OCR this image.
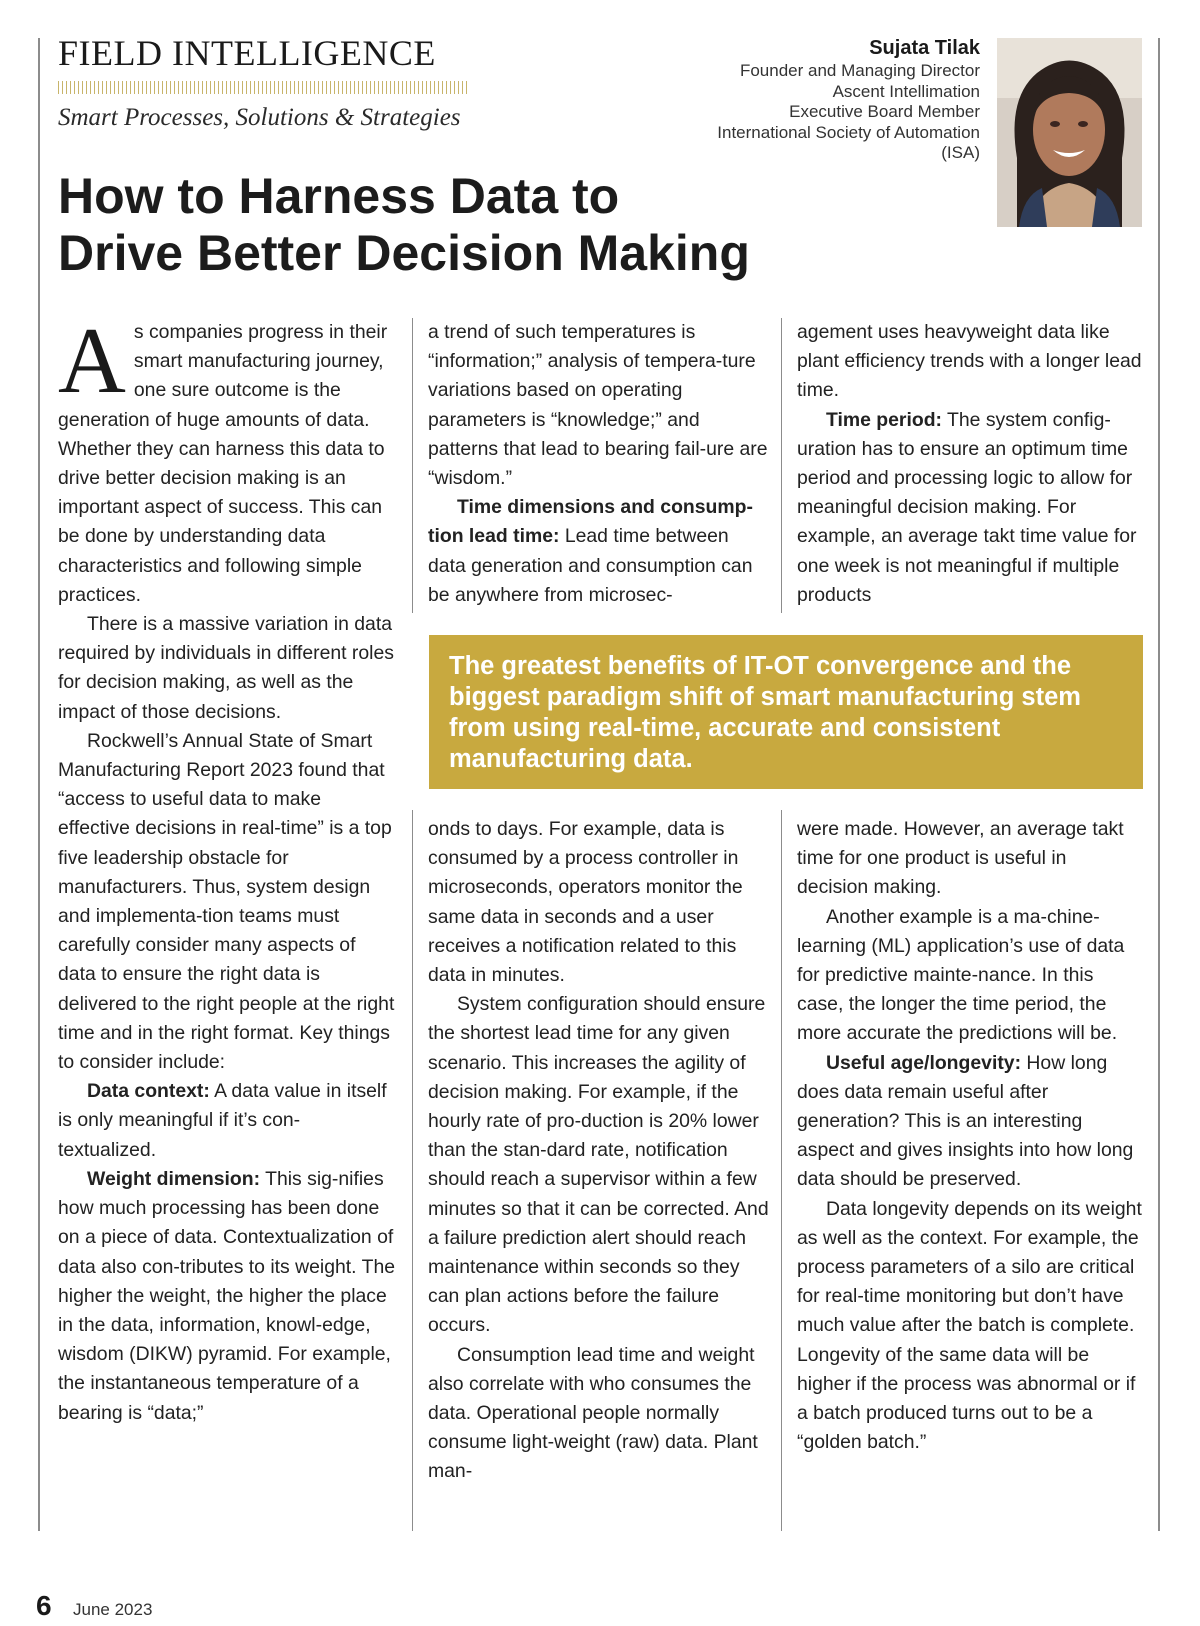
FIELD INTELLIGENCE
Smart Processes, Solutions & Strategies
Sujata Tilak
Founder and Managing Director
Ascent Intellimation
Executive Board Member
International Society of Automation
(ISA)
How to Harness Data to
Drive Better Decision Making

As companies progress in their smart manufacturing journey, one sure outcome is the generation of huge amounts of data. Whether they can harness this data to drive better decision making is an important aspect of success. This can be done by understanding data characteristics and following simple practices.

There is a massive variation in data required by individuals in different roles for decision making, as well as the impact of those decisions.

Rockwell’s Annual State of Smart Manufacturing Report 2023 found that “access to useful data to make effective decisions in real-time” is a top five leadership obstacle for manufacturers. Thus, system design and implementa-tion teams must carefully consider many aspects of data to ensure the right data is delivered to the right people at the right time and in the right format. Key things to consider include:

Data context: A data value in itself is only meaningful if it’s con-textualized.

Weight dimension: This sig-nifies how much processing has been done on a piece of data. Contextualization of data also con-tributes to its weight. The higher the weight, the higher the place in the data, information, knowl-edge, wisdom (DIKW) pyramid. For example, the instantaneous temperature of a bearing is “data;”

a trend of such temperatures is “information;” analysis of tempera-ture variations based on operating parameters is “knowledge;” and patterns that lead to bearing fail-ure are “wisdom.”

Time dimensions and consump-tion lead time: Lead time between data generation and consumption can be anywhere from microsec-

agement uses heavyweight data like plant efficiency trends with a longer lead time.

Time period: The system config-uration has to ensure an optimum time period and processing logic to allow for meaningful decision making. For example, an average takt time value for one week is not meaningful if multiple products

The greatest benefits of IT-OT convergence and the biggest paradigm shift of smart manufacturing stem from using real-time, accurate and consistent manufacturing data.

onds to days. For example, data is consumed by a process controller in microseconds, operators monitor the same data in seconds and a user receives a notification related to this data in minutes.

System configuration should ensure the shortest lead time for any given scenario. This increases the agility of decision making. For example, if the hourly rate of pro-duction is 20% lower than the stan-dard rate, notification should reach a supervisor within a few minutes so that it can be corrected. And a failure prediction alert should reach maintenance within seconds so they can plan actions before the failure occurs.

Consumption lead time and weight also correlate with who consumes the data. Operational people normally consume light-weight (raw) data. Plant man-

were made. However, an average takt time for one product is useful in decision making.

Another example is a ma-chine-learning (ML) application’s use of data for predictive mainte-nance. In this case, the longer the time period, the more accurate the predictions will be.

Useful age/longevity: How long does data remain useful after generation? This is an interesting aspect and gives insights into how long data should be preserved.

Data longevity depends on its weight as well as the context. For example, the process parameters of a silo are critical for real-time monitoring but don’t have much value after the batch is complete. Longevity of the same data will be higher if the process was abnormal or if a batch produced turns out to be a “golden batch.”

6 June 2023
